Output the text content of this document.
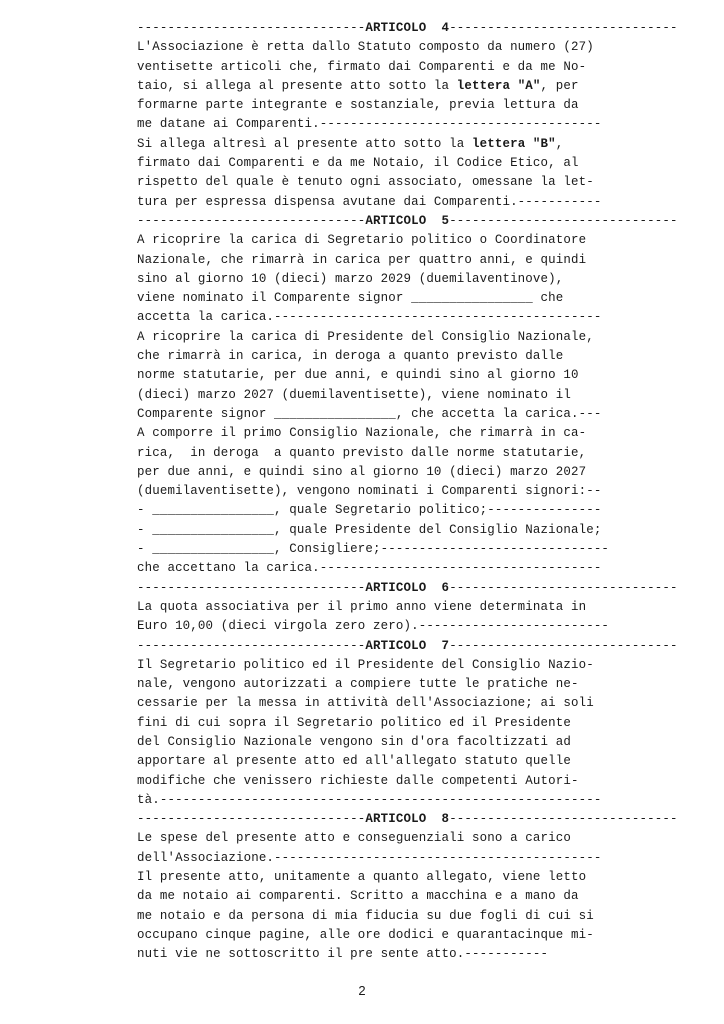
------------------------------ARTICOLO  4------------------------------
L'Associazione è retta dallo Statuto composto da numero (27)
ventisette articoli che, firmato dai Comparenti e da me No-
taio, si allega al presente atto sotto la lettera "A", per
formarne parte integrante e sostanziale, previa lettura da
me datane ai Comparenti.-------------------------------------
Si allega altresì al presente atto sotto la lettera "B",
firmato dai Comparenti e da me Notaio, il Codice Etico, al
rispetto del quale è tenuto ogni associato, omessane la let-
tura per espressa dispensa avutane dai Comparenti.-----------
------------------------------ARTICOLO  5------------------------------
A ricoprire la carica di Segretario politico o Coordinatore
Nazionale, che rimarrà in carica per quattro anni, e quindi
sino al giorno 10 (dieci) marzo 2029 (duemilaventinove),
viene nominato il Comparente signor ________________ che
accetta la carica.-------------------------------------------
A ricoprire la carica di Presidente del Consiglio Nazionale,
che rimarrà in carica, in deroga a quanto previsto dalle
norme statutarie, per due anni, e quindi sino al giorno 10
(dieci) marzo 2027 (duemilaventisette), viene nominato il
Comparente signor ________________, che accetta la carica.---
A comporre il primo Consiglio Nazionale, che rimarrà in ca-
rica,  in deroga  a quanto previsto dalle norme statutarie,
per due anni, e quindi sino al giorno 10 (dieci) marzo 2027
(duemilaventisette), vengono nominati i Comparenti signori:--
- ________________, quale Segretario politico;---------------
- ________________, quale Presidente del Consiglio Nazionale;
- ________________, Consigliere;------------------------------
che accettano la carica.-------------------------------------
------------------------------ARTICOLO  6------------------------------
La quota associativa per il primo anno viene determinata in
Euro 10,00 (dieci virgola zero zero).-------------------------
------------------------------ARTICOLO  7------------------------------
Il Segretario politico ed il Presidente del Consiglio Nazio-
nale, vengono autorizzati a compiere tutte le pratiche ne-
cessarie per la messa in attività dell'Associazione; ai soli
fini di cui sopra il Segretario politico ed il Presidente
del Consiglio Nazionale vengono sin d'ora facoltizzati ad
apportare al presente atto ed all'allegato statuto quelle
modifiche che venissero richieste dalle competenti Autori-
tà.----------------------------------------------------------
------------------------------ARTICOLO  8------------------------------
Le spese del presente atto e conseguenziali sono a carico
dell'Associazione.-------------------------------------------
Il presente atto, unitamente a quanto allegato, viene letto
da me notaio ai comparenti. Scritto a macchina e a mano da
me notaio e da persona di mia fiducia su due fogli di cui si
occupano cinque pagine, alle ore dodici e quarantacinque mi-
nuti vie ne sottoscritto il pre sente atto.-----------
2
